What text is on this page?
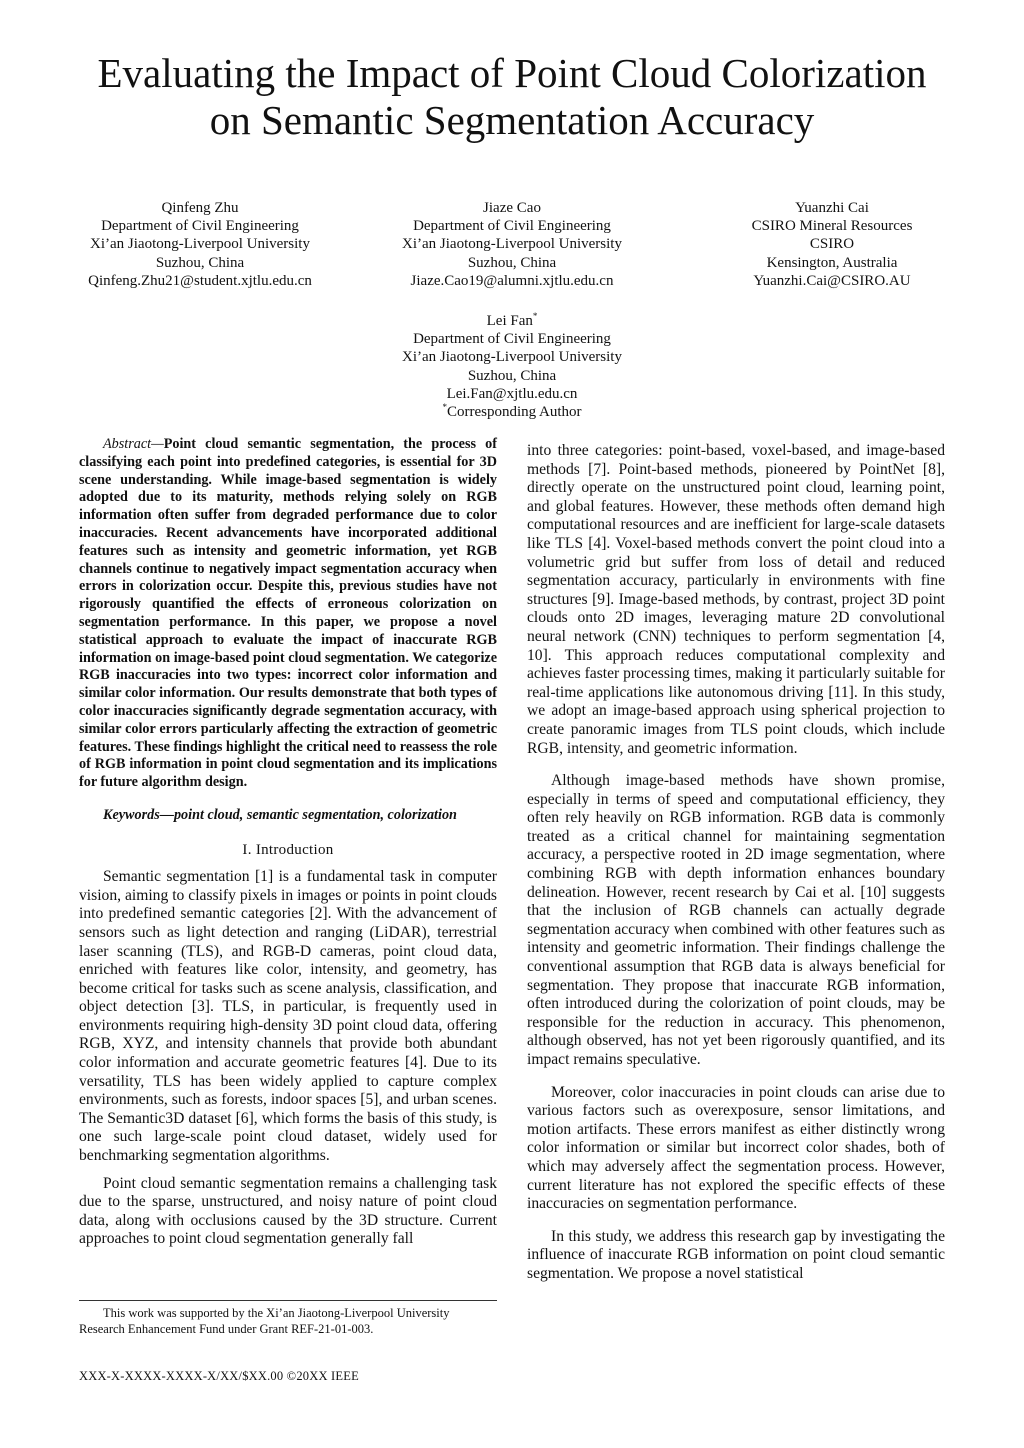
Evaluating the Impact of Point Cloud Colorization
on Semantic Segmentation Accuracy
Qinfeng Zhu
Department of Civil Engineering
Xi’an Jiaotong-Liverpool University
Suzhou, China
Qinfeng.Zhu21@student.xjtlu.edu.cn
Jiaze Cao
Department of Civil Engineering
Xi’an Jiaotong-Liverpool University
Suzhou, China
Jiaze.Cao19@alumni.xjtlu.edu.cn
Yuanzhi Cai
CSIRO Mineral Resources
CSIRO
Kensington, Australia
Yuanzhi.Cai@CSIRO.AU
Lei Fan*
Department of Civil Engineering
Xi’an Jiaotong-Liverpool University
Suzhou, China
Lei.Fan@xjtlu.edu.cn
*Corresponding Author

Abstract—Point cloud semantic segmentation, the process of classifying each point into predefined categories, is essential for 3D scene understanding. While image-based segmentation is widely adopted due to its maturity, methods relying solely on RGB information often suffer from degraded performance due to color inaccuracies. Recent advancements have incorporated additional features such as intensity and geometric information, yet RGB channels continue to negatively impact segmentation accuracy when errors in colorization occur. Despite this, previous studies have not rigorously quantified the effects of erroneous colorization on segmentation performance. In this paper, we propose a novel statistical approach to evaluate the impact of inaccurate RGB information on image-based point cloud segmentation. We categorize RGB inaccuracies into two types: incorrect color information and similar color information. Our results demonstrate that both types of color inaccuracies significantly degrade segmentation accuracy, with similar color errors particularly affecting the extraction of geometric features. These findings highlight the critical need to reassess the role of RGB information in point cloud segmentation and its implications for future algorithm design.

Keywords—point cloud, semantic segmentation, colorization

I. Introduction

Semantic segmentation [1] is a fundamental task in computer vision, aiming to classify pixels in images or points in point clouds into predefined semantic categories [2]. With the advancement of sensors such as light detection and ranging (LiDAR), terrestrial laser scanning (TLS), and RGB-D cameras, point cloud data, enriched with features like color, intensity, and geometry, has become critical for tasks such as scene analysis, classification, and object detection [3]. TLS, in particular, is frequently used in environments requiring high-density 3D point cloud data, offering RGB, XYZ, and intensity channels that provide both abundant color information and accurate geometric features [4]. Due to its versatility, TLS has been widely applied to capture complex environments, such as forests, indoor spaces [5], and urban scenes. The Semantic3D dataset [6], which forms the basis of this study, is one such large-scale point cloud dataset, widely used for benchmarking segmentation algorithms.

Point cloud semantic segmentation remains a challenging task due to the sparse, unstructured, and noisy nature of point cloud data, along with occlusions caused by the 3D structure. Current approaches to point cloud segmentation generally fall

into three categories: point-based, voxel-based, and image-based methods [7]. Point-based methods, pioneered by PointNet [8], directly operate on the unstructured point cloud, learning point, and global features. However, these methods often demand high computational resources and are inefficient for large-scale datasets like TLS [4]. Voxel-based methods convert the point cloud into a volumetric grid but suffer from loss of detail and reduced segmentation accuracy, particularly in environments with fine structures [9]. Image-based methods, by contrast, project 3D point clouds onto 2D images, leveraging mature 2D convolutional neural network (CNN) techniques to perform segmentation [4, 10]. This approach reduces computational complexity and achieves faster processing times, making it particularly suitable for real-time applications like autonomous driving [11]. In this study, we adopt an image-based approach using spherical projection to create panoramic images from TLS point clouds, which include RGB, intensity, and geometric information.

Although image-based methods have shown promise, especially in terms of speed and computational efficiency, they often rely heavily on RGB information. RGB data is commonly treated as a critical channel for maintaining segmentation accuracy, a perspective rooted in 2D image segmentation, where combining RGB with depth information enhances boundary delineation. However, recent research by Cai et al. [10] suggests that the inclusion of RGB channels can actually degrade segmentation accuracy when combined with other features such as intensity and geometric information. Their findings challenge the conventional assumption that RGB data is always beneficial for segmentation. They propose that inaccurate RGB information, often introduced during the colorization of point clouds, may be responsible for the reduction in accuracy. This phenomenon, although observed, has not yet been rigorously quantified, and its impact remains speculative.

Moreover, color inaccuracies in point clouds can arise due to various factors such as overexposure, sensor limitations, and motion artifacts. These errors manifest as either distinctly wrong color information or similar but incorrect color shades, both of which may adversely affect the segmentation process. However, current literature has not explored the specific effects of these inaccuracies on segmentation performance.

In this study, we address this research gap by investigating the influence of inaccurate RGB information on point cloud semantic segmentation. We propose a novel statistical

This work was supported by the Xi’an Jiaotong-Liverpool University Research Enhancement Fund under Grant REF-21-01-003.
XXX-X-XXXX-XXXX-X/XX/$XX.00 ©20XX IEEE
